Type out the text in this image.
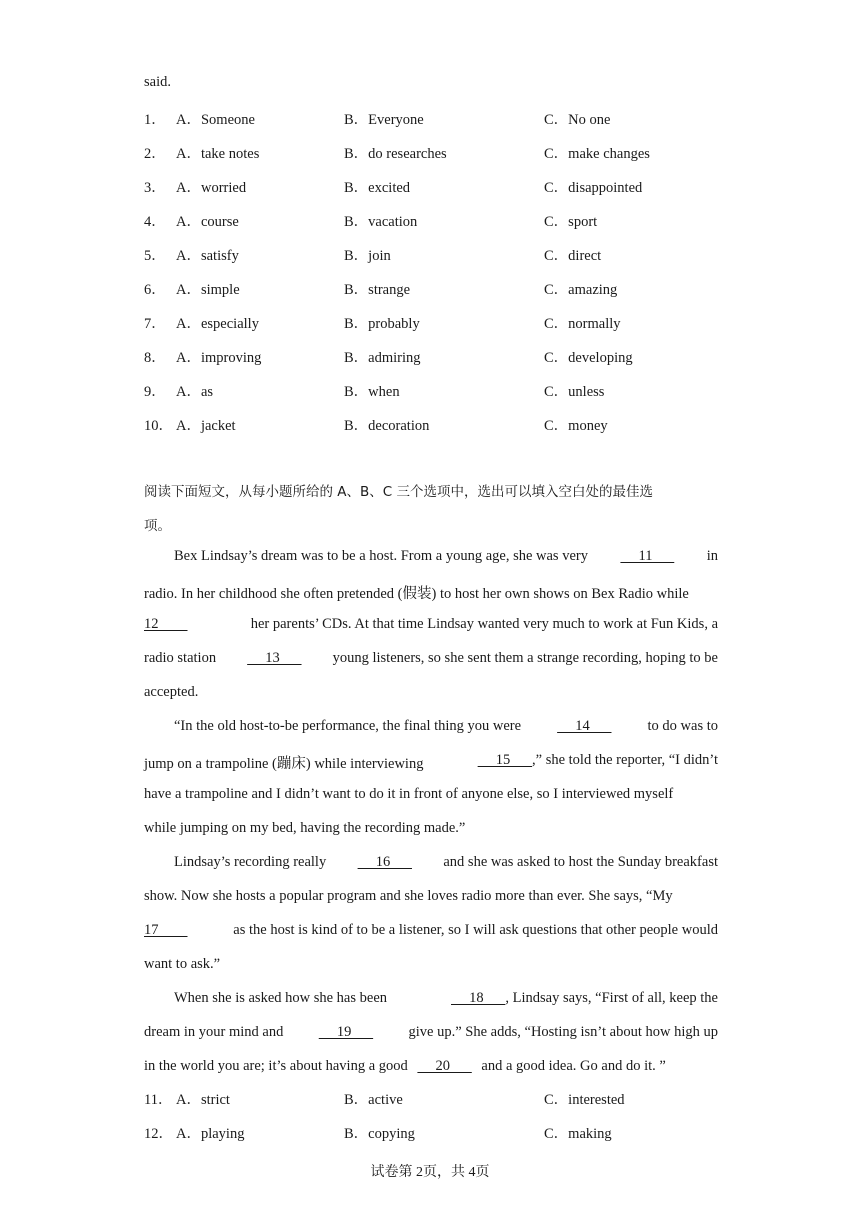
said.
1． A．Someone	B．Everyone	C．No one
2． A．take notes	B．do researches	C．make changes
3． A．worried	B．excited	C．disappointed
4． A．course	B．vacation	C．sport
5． A．satisfy	B．join	C．direct
6． A．simple	B．strange	C．amazing
7． A．especially	B．probably	C．normally
8． A．improving	B．admiring	C．developing
9． A．as	B．when	C．unless
10． A．jacket	B．decoration	C．money
阅读下面短文，从每小题所给的 A、B、C 三个选项中，选出可以填入空白处的最佳选
项。
Bex Lindsay’s dream was to be a host. From a young age, she was very 11 in
radio. In her childhood she often pretended (假装) to host her own shows on Bex Radio while
12	her parents’ CDs. At that time Lindsay wanted very much to work at Fun Kids, a
radio station 13 young listeners, so she sent them a strange recording, hoping to be
accepted.
“In the old host-to-be performance, the final thing you were 14 to do was to
jump on a trampoline (蹦床) while interviewing	15      ,” she told the reporter, “I didn’t
have a trampoline and I didn’t want to do it in front of anyone else, so I interviewed myself
while jumping on my bed, having the recording made.”
Lindsay’s recording really 16 and she was asked to host the Sunday breakfast
show. Now she hosts a popular program and she loves radio more than ever. She says, “My
17	as the host is kind of to be a listener, so I will ask questions that other people would
want to ask.”
When she is asked how she has been	18      , Lindsay says, “First of all, keep the
dream in your mind and 19 give up.” She adds, “Hosting isn’t about how high up
in the world you are; it’s about having a good      20       and a good idea. Go and do it. ”
11． A．strict	B．active	C．interested
12． A．playing	B．copying	C．making
试卷第 2页，共 4页
